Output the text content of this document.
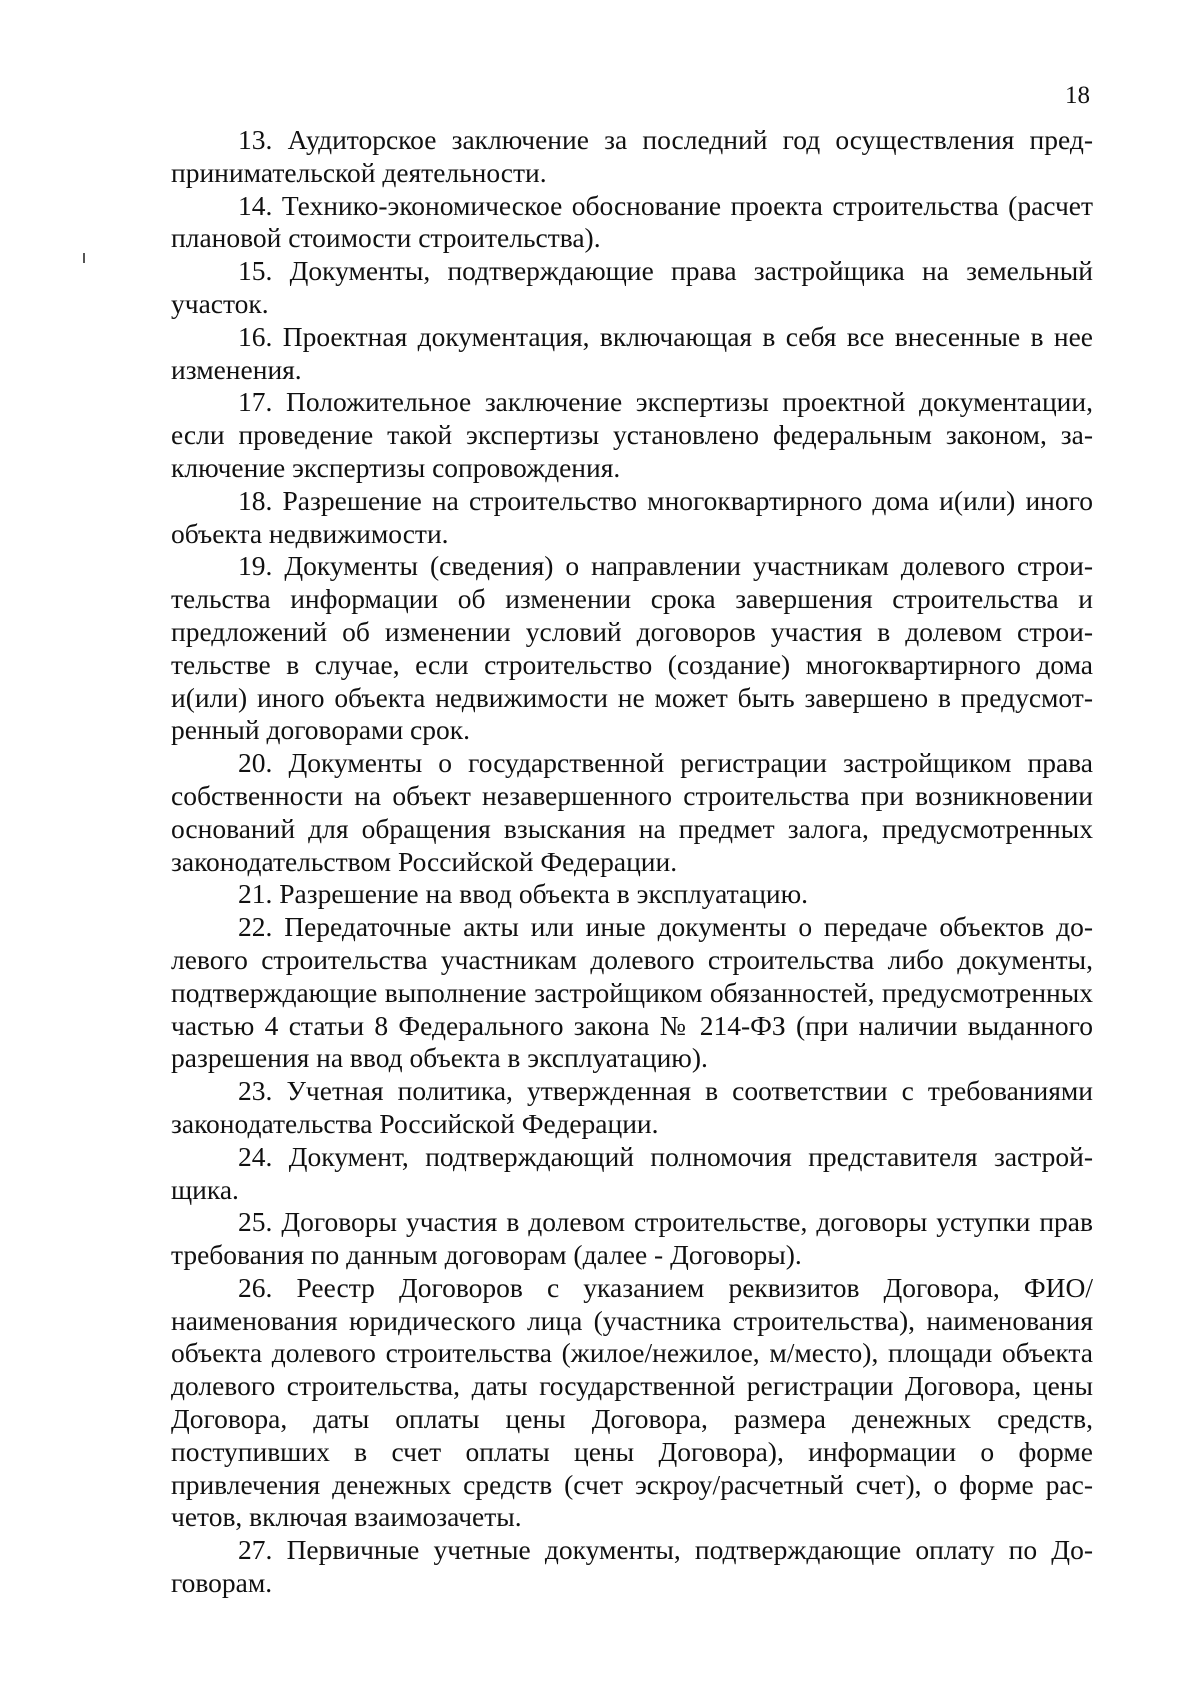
18

13. Аудиторское заключение за последний год осуществления предпринимательской деятельности.

14. Технико-экономическое обоснование проекта строительства (расчет плановой стоимости строительства).

15. Документы, подтверждающие права застройщика на земельный участок.

16. Проектная документация, включающая в себя все внесенные в нее изменения.

17. Положительное заключение экспертизы проектной документации, если проведение такой экспертизы установлено федеральным законом, заключение экспертизы сопровождения.

18. Разрешение на строительство многоквартирного дома и(или) иного объекта недвижимости.

19. Документы (сведения) о направлении участникам долевого строительства информации об изменении срока завершения строительства и предложений об изменении условий договоров участия в долевом строительстве в случае, если строительство (создание) многоквартирного дома и(или) иного объекта недвижимости не может быть завершено в предусмотренный договорами срок.

20. Документы о государственной регистрации застройщиком права собственности на объект незавершенного строительства при возникновении оснований для обращения взыскания на предмет залога, предусмотренных законодательством Российской Федерации.

21. Разрешение на ввод объекта в эксплуатацию.

22. Передаточные акты или иные документы о передаче объектов долевого строительства участникам долевого строительства либо документы, подтверждающие выполнение застройщиком обязанностей, предусмотренных частью 4 статьи 8 Федерального закона № 214-ФЗ (при наличии выданного разрешения на ввод объекта в эксплуатацию).

23. Учетная политика, утвержденная в соответствии с требованиями законодательства Российской Федерации.

24. Документ, подтверждающий полномочия представителя застройщика.

25. Договоры участия в долевом строительстве, договоры уступки прав требования по данным договорам (далее - Договоры).

26. Реестр Договоров с указанием реквизитов Договора, ФИО/наименования юридического лица (участника строительства), наименования объекта долевого строительства (жилое/нежилое, м/место), площади объекта долевого строительства, даты государственной регистрации Договора, цены Договора, даты оплаты цены Договора, размера денежных средств, поступивших в счет оплаты цены Договора), информации о форме привлечения денежных средств (счет эскроу/расчетный счет), о форме расчетов, включая взаимозачеты.

27. Первичные учетные документы, подтверждающие оплату по Договорам.
